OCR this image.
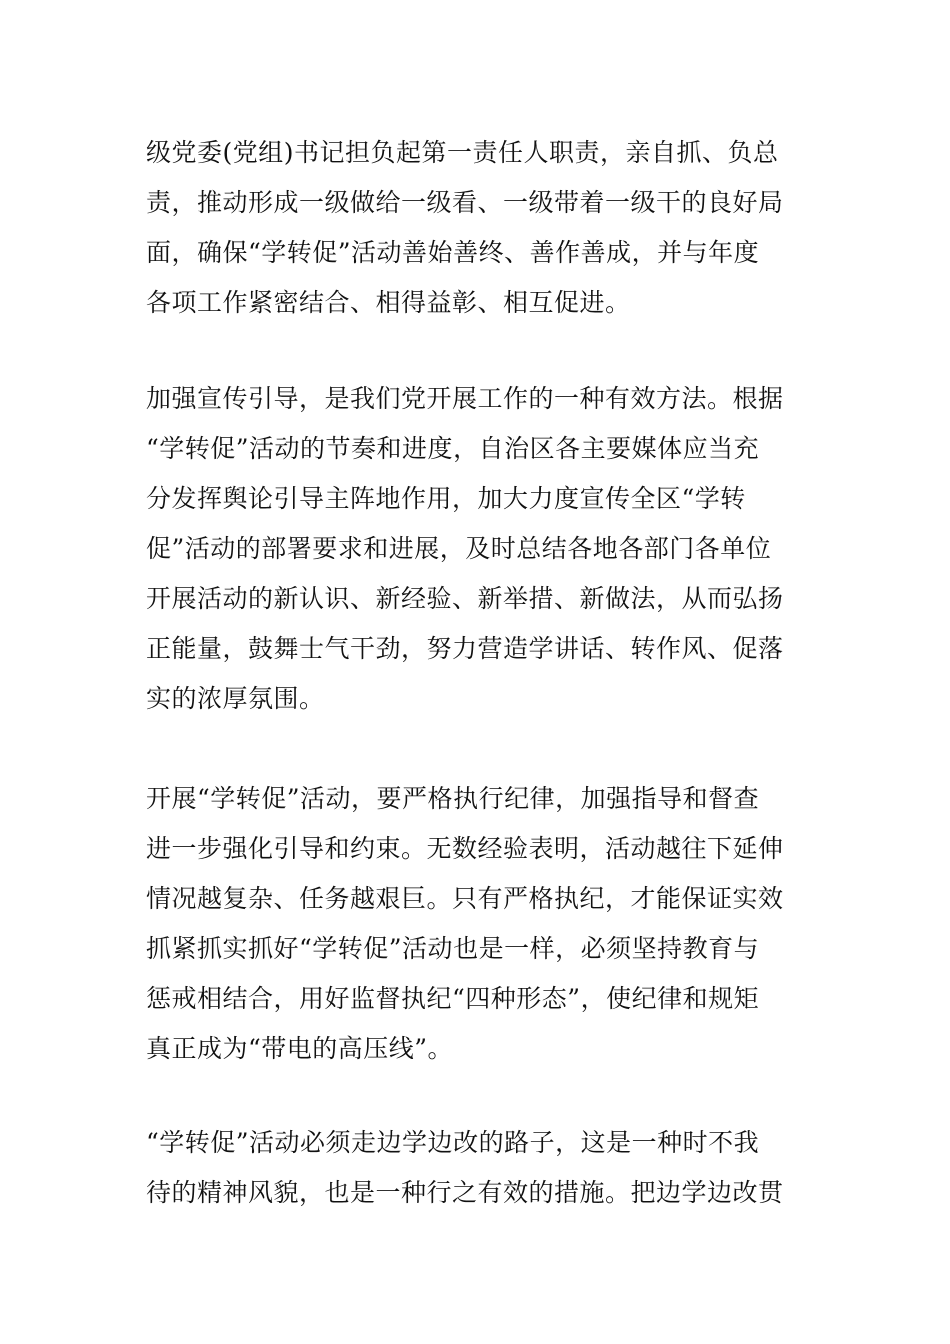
级党委(党组)书记担负起第一责任人职责，亲自抓、负总
责，推动形成一级做给一级看、一级带着一级干的良好局
面，确保“学转促”活动善始善终、善作善成，并与年度
各项工作紧密结合、相得益彰、相互促进。
加强宣传引导，是我们党开展工作的一种有效方法。根据
“学转促”活动的节奏和进度，自治区各主要媒体应当充
分发挥舆论引导主阵地作用，加大力度宣传全区“学转
促”活动的部署要求和进展，及时总结各地各部门各单位
开展活动的新认识、新经验、新举措、新做法，从而弘扬
正能量，鼓舞士气干劲，努力营造学讲话、转作风、促落
实的浓厚氛围。
开展“学转促”活动，要严格执行纪律，加强指导和督查
进一步强化引导和约束。无数经验表明，活动越往下延伸
情况越复杂、任务越艰巨。只有严格执纪，才能保证实效
抓紧抓实抓好“学转促”活动也是一样，必须坚持教育与
惩戒相结合，用好监督执纪“四种形态”，使纪律和规矩
真正成为“带电的高压线”。
“学转促”活动必须走边学边改的路子，这是一种时不我
待的精神风貌，也是一种行之有效的措施。把边学边改贯
